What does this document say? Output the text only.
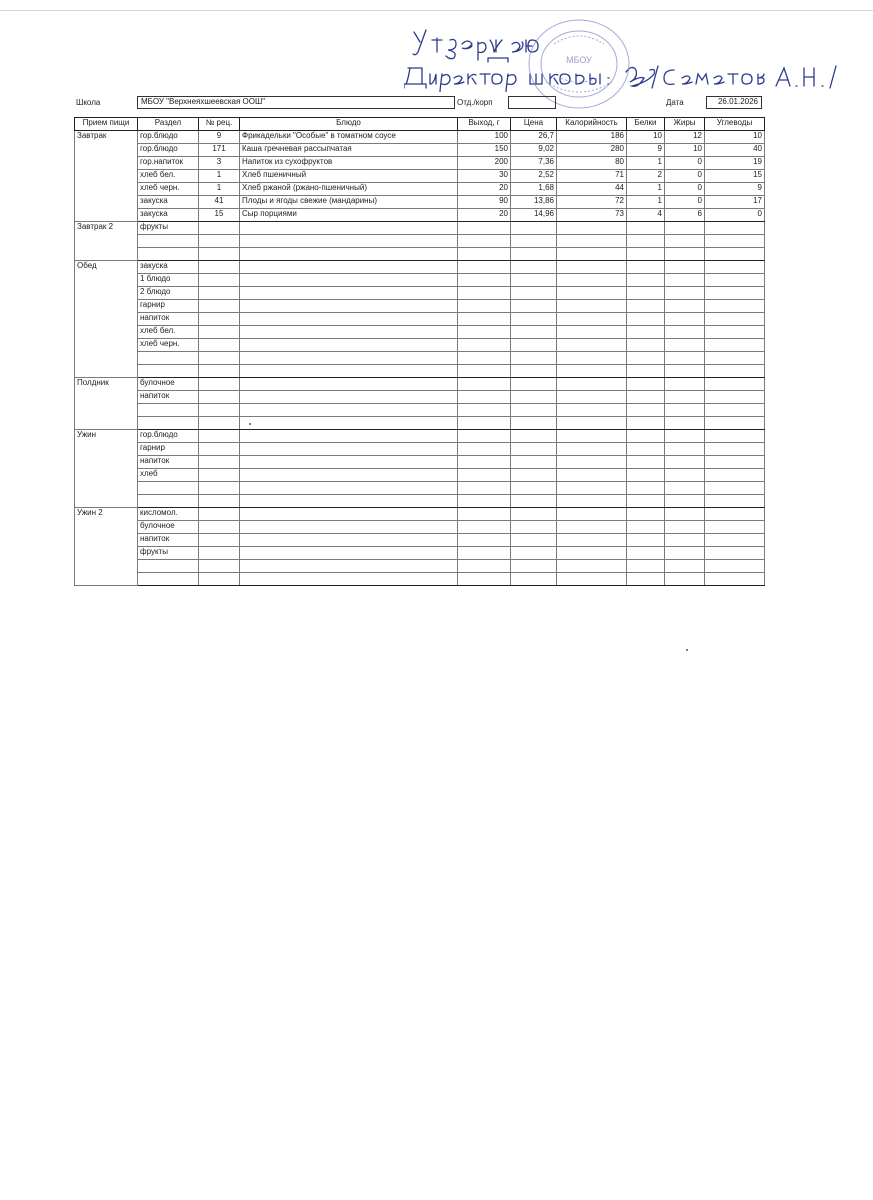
МБОУ
Школа	МБОУ "Верхнеяхшеевская ООШ"	Отд./корп	Дата	26.01.2026
Прием пищи	Раздел	№ рец.	Блюдо	Выход, г	Цена	Калорийность	Белки	Жиры	Углеводы
Завтрак	гор.блюдо	9	Фрикадельки "Особые" в томатном соусе	100	26,7	186	10	12	10
	гор.блюдо	171	Каша гречневая рассыпчатая	150	9,02	280	9	10	40
	гор.напиток	3	Напиток из сухофруктов	200	7,36	80	1	0	19
	хлеб бел.	1	Хлеб пшеничный	30	2,52	71	2	0	15
	хлеб черн.	1	Хлеб ржаной (ржано-пшеничный)	20	1,68	44	1	0	9
	закуска	41	Плоды и ягоды свежие (мандарины)	90	13,86	72	1	0	17
	закуска	15	Сыр порциями	20	14,96	73	4	6	0
Завтрак 2	фрукты								

Обед	закуска								
	1 блюдо								
	2 блюдо								
	гарнир								
	напиток								
	хлеб бел.								
	хлеб черн.								

Полдник	булочное								
	напиток								

Ужин	гор.блюдо								
	гарнир								
	напиток								
	хлеб								

Ужин 2	кисломол.								
	булочное								
	напиток								
	фрукты								
